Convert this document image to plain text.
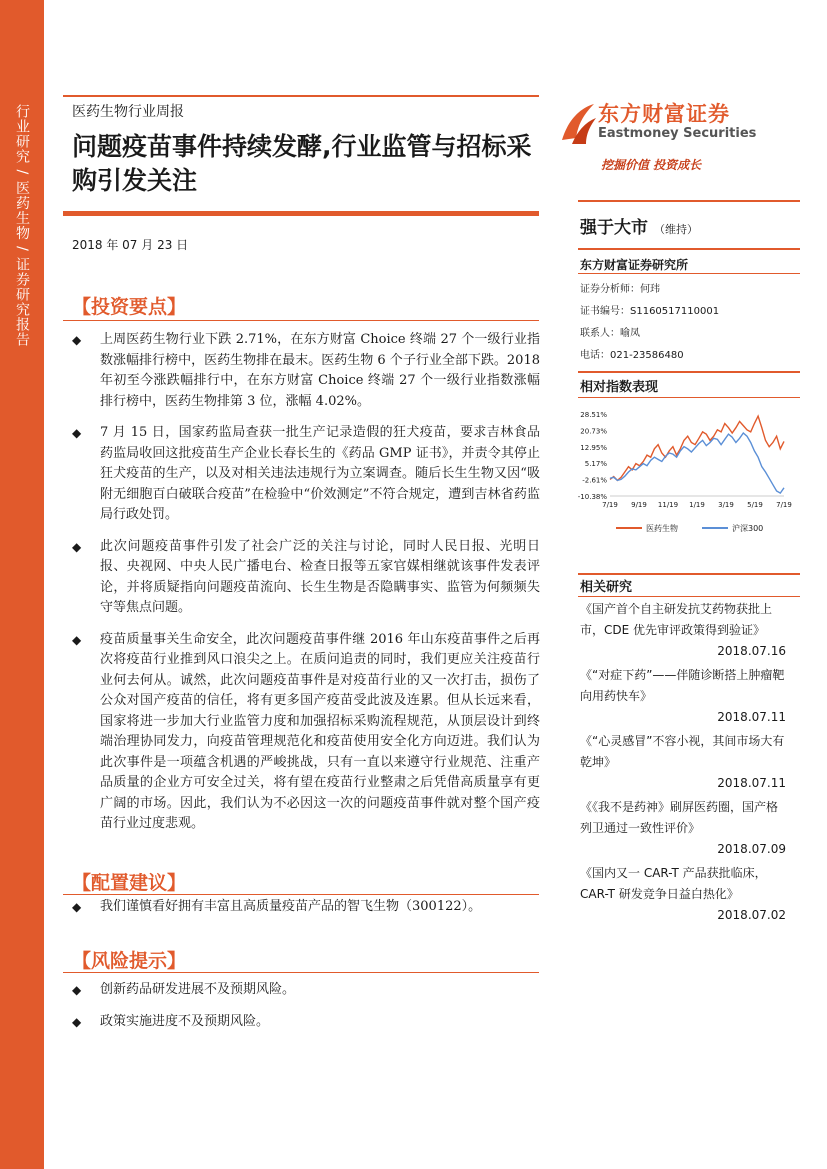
行业研究 / 医药生物 / 证券研究报告	医药生物行业周报
问题疫苗事件持续发酵,行业监管与招标采购引发关注
2018 年 07 月 23 日
【投资要点】
◆ 上周医药生物行业下跌 2.71%，在东方财富 Choice 终端 27 个一级行业指数涨幅排行榜中，医药生物排在最末。医药生物 6 个子行业全部下跌。2018 年初至今涨跌幅排行中，在东方财富 Choice 终端 27 个一级行业指数涨幅排行榜中，医药生物排第 3 位，涨幅 4.02%。
◆ 7 月 15 日，国家药监局查获一批生产记录造假的狂犬疫苗，要求吉林食品药监局收回这批疫苗生产企业长春长生的《药品 GMP 证书》，并责令其停止狂犬疫苗的生产，以及对相关违法违规行为立案调查。随后长生生物又因“吸附无细胞百白破联合疫苗”在检验中“价效测定”不符合规定，遭到吉林省药监局行政处罚。
◆ 此次问题疫苗事件引发了社会广泛的关注与讨论，同时人民日报、光明日报、央视网、中央人民广播电台、检查日报等五家官媒相继就该事件发表评论，并将质疑指向问题疫苗流向、长生生物是否隐瞒事实、监管为何频频失守等焦点问题。
◆ 疫苗质量事关生命安全，此次问题疫苗事件继 2016 年山东疫苗事件之后再次将疫苗行业推到风口浪尖之上。在质问追责的同时，我们更应关注疫苗行业何去何从。诚然，此次问题疫苗事件是对疫苗行业的又一次打击，损伤了公众对国产疫苗的信任，将有更多国产疫苗受此波及连累。但从长远来看，国家将进一步加大行业监管力度和加强招标采购流程规范，从顶层设计到终端治理协同发力，向疫苗管理规范化和疫苗使用安全化方向迈进。我们认为此次事件是一项蕴含机遇的严峻挑战，只有一直以来遵守行业规范、注重产品质量的企业方可安全过关，将有望在疫苗行业整肃之后凭借高质量享有更广阔的市场。因此，我们认为不必因这一次的问题疫苗事件就对整个国产疫苗行业过度悲观。
【配置建议】
◆ 我们谨慎看好拥有丰富且高质量疫苗产品的智飞生物（300122）。
【风险提示】
◆ 创新药品研发进展不及预期风险。
◆ 政策实施进度不及预期风险。
东方财富证券
Eastmoney Securities
挖掘价值 投资成长
强于大市 （维持）
东方财富证券研究所
证券分析师：何玮
证书编号：S1160517110001
联系人：喻凤
电话：021-23586480
相对指数表现
28.51%
20.73%
12.95%
5.17%
-2.61%
-10.38%
7/19 9/19 11/19 1/19 3/19 5/19 7/19
医药生物	沪深300
相关研究
《国产首个自主研发抗艾药物获批上市，CDE 优先审评政策得到验证》
2018.07.16
《“对症下药”——伴随诊断搭上肿瘤靶向用药快车》
2018.07.11
《“心灵感冒”不容小视，其间市场大有乾坤》
2018.07.11
《《我不是药神》刷屏医药圈，国产格列卫通过一致性评价》
2018.07.09
《国内又一 CAR-T 产品获批临床，CAR-T 研发竞争日益白热化》
2018.07.02
